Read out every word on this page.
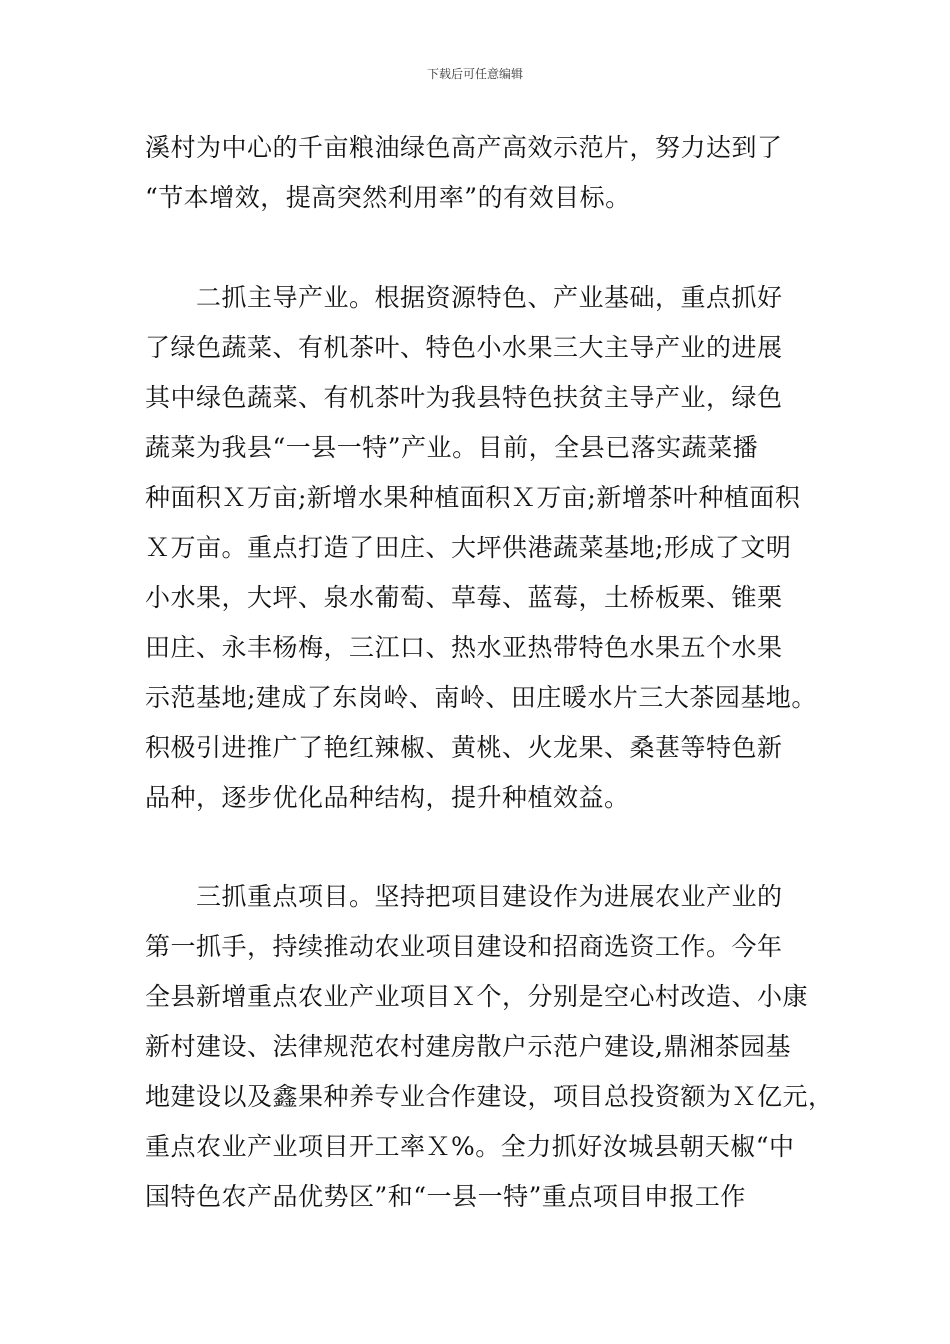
下载后可任意编辑
溪村为中心的千亩粮油绿色高产高效示范片，努力达到了
“节本增效，提高突然利用率”的有效目标。
　　二抓主导产业。根据资源特色、产业基础，重点抓好
了绿色蔬菜、有机茶叶、特色小水果三大主导产业的进展
其中绿色蔬菜、有机茶叶为我县特色扶贫主导产业，绿色
蔬菜为我县“一县一特”产业。目前，全县已落实蔬菜播
种面积Ｘ万亩;新增水果种植面积Ｘ万亩;新增茶叶种植面积
Ｘ万亩。重点打造了田庄、大坪供港蔬菜基地;形成了文明
小水果，大坪、泉水葡萄、草莓、蓝莓，土桥板栗、锥栗
田庄、永丰杨梅，三江口、热水亚热带特色水果五个水果
示范基地;建成了东岗岭、南岭、田庄暖水片三大茶园基地。
积极引进推广了艳红辣椒、黄桃、火龙果、桑葚等特色新
品种，逐步优化品种结构，提升种植效益。
　　三抓重点项目。坚持把项目建设作为进展农业产业的
第一抓手，持续推动农业项目建设和招商选资工作。今年
全县新增重点农业产业项目Ｘ个，分别是空心村改造、小康
新村建设、法律规范农村建房散户示范户建设,鼎湘茶园基
地建设以及鑫果种养专业合作建设，项目总投资额为Ｘ亿元，
重点农业产业项目开工率Ｘ%。全力抓好汝城县朝天椒“中
国特色农产品优势区”和“一县一特”重点项目申报工作
